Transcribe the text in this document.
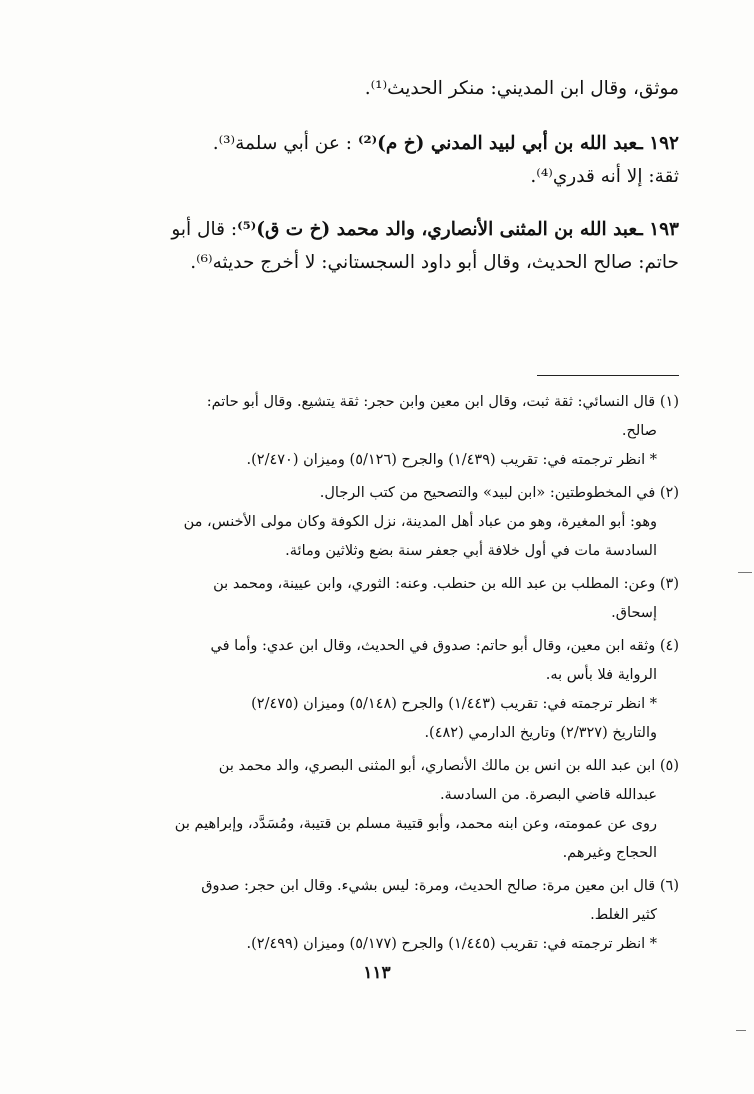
موثق، وقال ابن المديني: منكر الحديث⁽¹⁾.

١٩٢ ـعبد الله بن أبي لبيد المدني (خ م)⁽²⁾ : عن أبي سلمة⁽³⁾.

ثقة: إلا أنه قدري⁽⁴⁾.

١٩٣ ـعبد الله بن المثنى الأنصاري، والد محمد (خ ت ق)⁽⁵⁾: قال أبو

حاتم: صالح الحديث، وقال أبو داود السجستاني: لا أخرج حديثه⁽⁶⁾.

(١) قال النسائي: ثقة ثبت، وقال ابن معين وابن حجر: ثقة يتشيع. وقال أبو حاتم:
صالح.
* انظر ترجمته في: تقريب (١/٤٣٩) والجرح (٥/١٢٦) وميزان (٢/٤٧٠).

(٢) في المخطوطتين: «ابن لبيد» والتصحيح من كتب الرجال.
وهو: أبو المغيرة، وهو من عباد أهل المدينة، نزل الكوفة وكان مولى الأخنس، من
السادسة مات في أول خلافة أبي جعفر سنة بضع وثلاثين ومائة.

(٣) وعن: المطلب بن عبد الله بن حنطب. وعنه: الثوري، وابن عيينة، ومحمد بن
إسحاق.

(٤) وثقه ابن معين، وقال أبو حاتم: صدوق في الحديث، وقال ابن عدي: وأما في
الرواية فلا بأس به.
* انظر ترجمته في: تقريب (١/٤٤٣) والجرح (٥/١٤٨) وميزان (٢/٤٧٥)
والتاريخ (٢/٣٢٧) وتاريخ الدارمي (٤٨٢).

(٥) ابن عبد الله بن انس بن مالك الأنصاري، أبو المثنى البصري، والد محمد بن
عبدالله قاضي البصرة. من السادسة.
روى عن عمومته، وعن ابنه محمد، وأبو قتيبة مسلم بن قتيبة، ومُسَدَّد، وإبراهيم بن
الحجاج وغيرهم.

(٦) قال ابن معين مرة: صالح الحديث، ومرة: ليس بشيء. وقال ابن حجر: صدوق
كثير الغلط.
* انظر ترجمته في: تقريب (١/٤٤٥) والجرح (٥/١٧٧) وميزان (٢/٤٩٩).

١١٣
